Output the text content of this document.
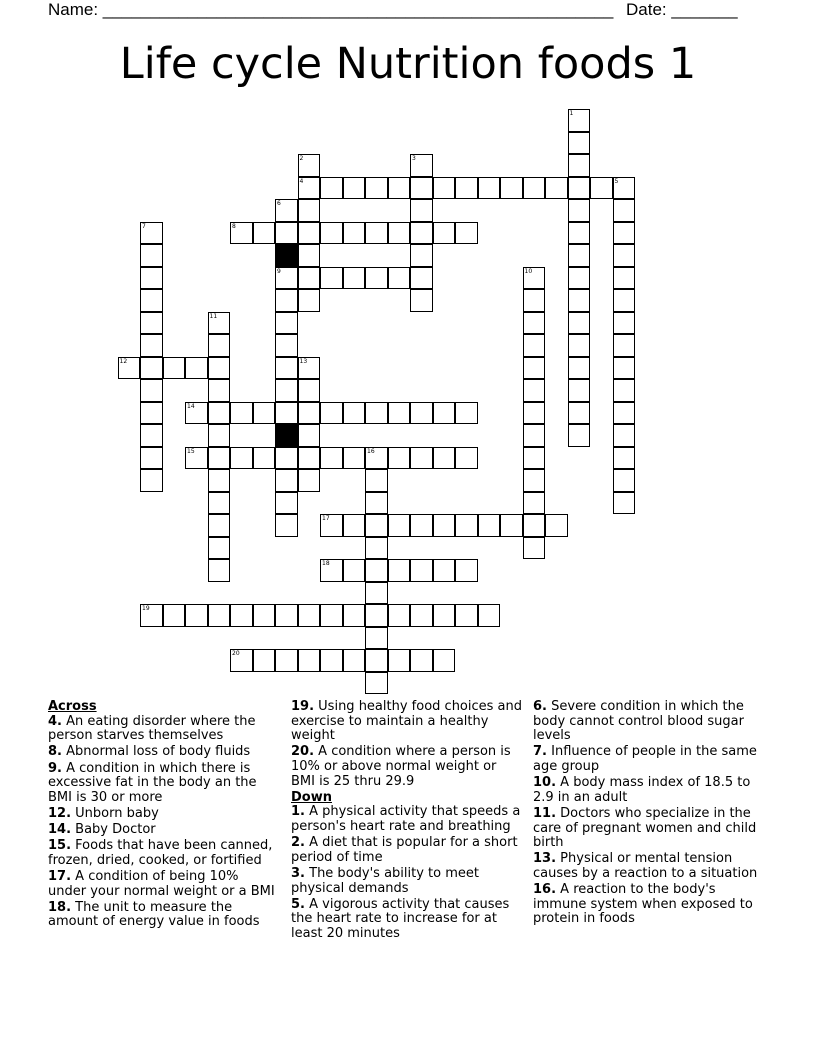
Name: ______________________________________________________ Date: _______
Life cycle Nutrition foods 1
1
2
4
3
5
6
9
7	8
10
11
12	13
14
15	16
17
18
19
20
Across
4. An eating disorder where the person starves themselves
8. Abnormal loss of body fluids
9. A condition in which there is excessive fat in the body an the BMI is 30 or more
12. Unborn baby
14. Baby Doctor
15. Foods that have been canned, frozen, dried, cooked, or fortified
17. A condition of being 10% under your normal weight or a BMI
18. The unit to measure the amount of energy value in foods
19. Using healthy food choices and exercise to maintain a healthy weight
20. A condition where a person is 10% or above normal weight or BMI is 25 thru 29.9
Down
1. A physical activity that speeds a person's heart rate and breathing
2. A diet that is popular for a short period of time
3. The body's ability to meet physical demands
5. A vigorous activity that causes the heart rate to increase for at least 20 minutes
6. Severe condition in which the body cannot control blood sugar levels
7. Influence of people in the same age group
10. A body mass index of 18.5 to 2.9 in an adult
11. Doctors who specialize in the care of pregnant women and child birth
13. Physical or mental tension causes by a reaction to a situation
16. A reaction to the body's immune system when exposed to protein in foods
